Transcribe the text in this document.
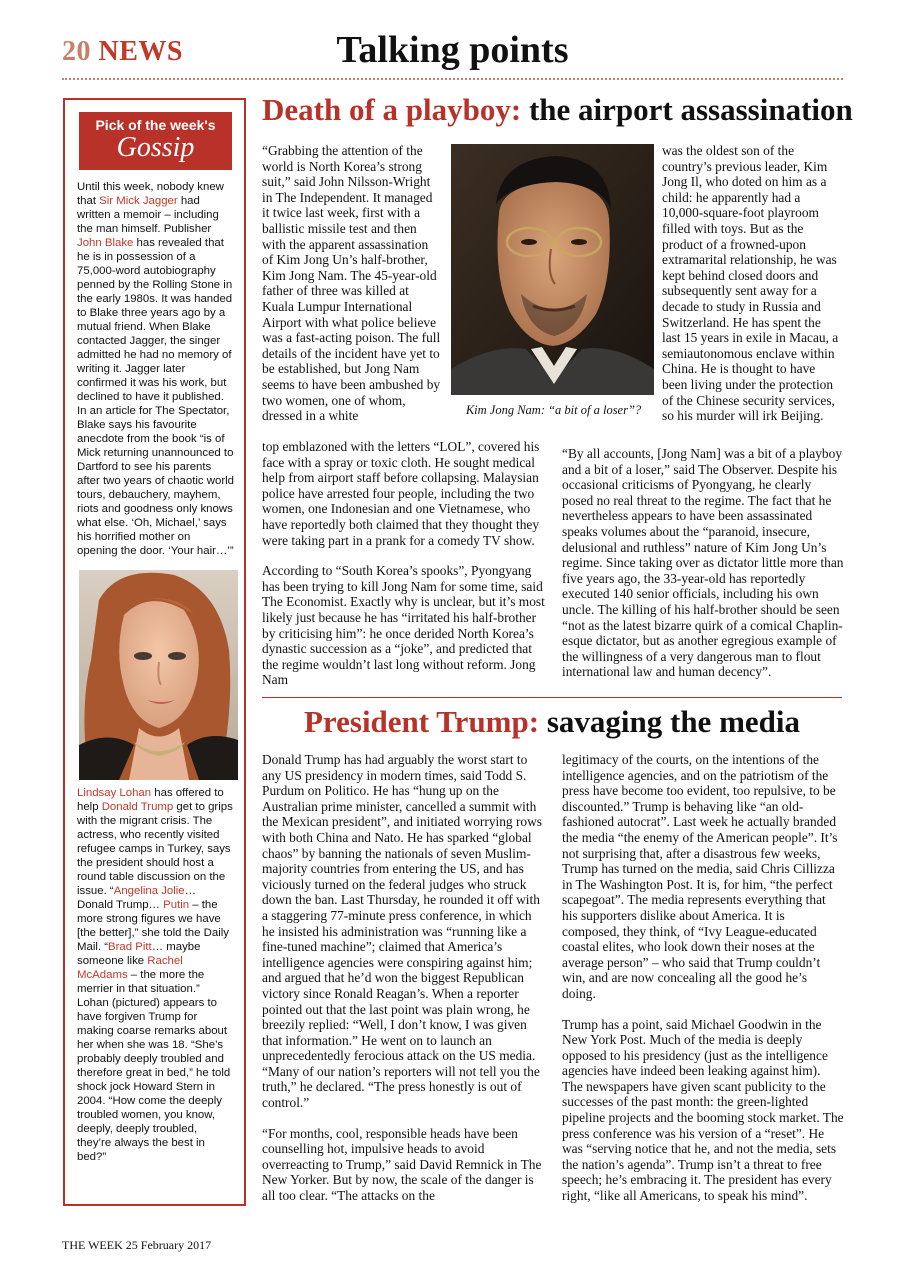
20 NEWS	Talking points
Pick of the week's
Gossip
Until this week, nobody knew that Sir Mick Jagger had written a memoir – including the man himself. Publisher John Blake has revealed that he is in possession of a 75,000-word autobiography penned by the Rolling Stone in the early 1980s. It was handed to Blake three years ago by a mutual friend. When Blake contacted Jagger, the singer admitted he had no memory of writing it. Jagger later confirmed it was his work, but declined to have it published. In an article for The Spectator, Blake says his favourite anecdote from the book “is of Mick returning unannounced to Dartford to see his parents after two years of chaotic world tours, debauchery, mayhem, riots and goodness only knows what else. ‘Oh, Michael,’ says his horrified mother on opening the door. ‘Your hair…’”
Lindsay Lohan has offered to help Donald Trump get to grips with the migrant crisis. The actress, who recently visited refugee camps in Turkey, says the president should host a round table discussion on the issue. “Angelina Jolie… Donald Trump… Putin – the more strong figures we have [the better],” she told the Daily Mail. “Brad Pitt… maybe someone like Rachel McAdams – the more the merrier in that situation.” Lohan (pictured) appears to have forgiven Trump for making coarse remarks about her when she was 18. “She’s probably deeply troubled and therefore great in bed,” he told shock jock Howard Stern in 2004. “How come the deeply troubled women, you know, deeply, deeply troubled, they’re always the best in bed?”
Death of a playboy: the airport assassination
“Grabbing the attention of the world is North Korea’s strong suit,” said John Nilsson-Wright in The Independent. It managed it twice last week, first with a ballistic missile test and then with the apparent assassination of Kim Jong Un’s half-brother, Kim Jong Nam. The 45-year-old father of three was killed at Kuala Lumpur International Airport with what police believe was a fast-acting poison. The full details of the incident have yet to be established, but Jong Nam seems to have been ambushed by two women, one of whom, dressed in a white	Kim Jong Nam: “a bit of a loser”?

top emblazoned with the letters “LOL”, covered his face with a spray or toxic cloth. He sought medical help from airport staff before collapsing. Malaysian police have arrested four people, including the two women, one Indonesian and one Vietnamese, who have reportedly both claimed that they thought they were taking part in a prank for a comedy TV show.

According to “South Korea’s spooks”, Pyongyang has been trying to kill Jong Nam for some time, said The Economist. Exactly why is unclear, but it’s most likely just because he has “irritated his half-brother by criticising him”: he once derided North Korea’s dynastic succession as a “joke”, and predicted that the regime wouldn’t last long without reform. Jong Nam

was the oldest son of the country’s previous leader, Kim Jong Il, who doted on him as a child: he apparently had a 10,000-square-foot playroom filled with toys. But as the product of a frowned-upon extramarital relationship, he was kept behind closed doors and subsequently sent away for a decade to study in Russia and Switzerland. He has spent the last 15 years in exile in Macau, a semiautonomous enclave within China. He is thought to have been living under the protection of the Chinese security services, so his murder will irk Beijing.
“By all accounts, [Jong Nam] was a bit of a playboy and a bit of a loser,” said The Observer. Despite his occasional criticisms of Pyongyang, he clearly posed no real threat to the regime. The fact that he nevertheless appears to have been assassinated speaks volumes about the “paranoid, insecure, delusional and ruthless” nature of Kim Jong Un’s regime. Since taking over as dictator little more than five years ago, the 33-year-old has reportedly executed 140 senior officials, including his own uncle. The killing of his half-brother should be seen “not as the latest bizarre quirk of a comical Chaplin-esque dictator, but as another egregious example of the willingness of a very dangerous man to flout international law and human decency”.
President Trump: savaging the media

Donald Trump has had arguably the worst start to any US presidency in modern times, said Todd S. Purdum on Politico. He has “hung up on the Australian prime minister, cancelled a summit with the Mexican president”, and initiated worrying rows with both China and Nato. He has sparked “global chaos” by banning the nationals of seven Muslim-majority countries from entering the US, and has viciously turned on the federal judges who struck down the ban. Last Thursday, he rounded it off with a staggering 77-minute press conference, in which he insisted his administration was “running like a fine-tuned machine”; claimed that America’s intelligence agencies were conspiring against him; and argued that he’d won the biggest Republican victory since Ronald Reagan’s. When a reporter pointed out that the last point was plain wrong, he breezily replied: “Well, I don’t know, I was given that information.” He went on to launch an unprecedentedly ferocious attack on the US media. “Many of our nation’s reporters will not tell you the truth,” he declared. “The press honestly is out of control.”

“For months, cool, responsible heads have been counselling hot, impulsive heads to avoid overreacting to Trump,” said David Remnick in The New Yorker. But by now, the scale of the danger is all too clear. “The attacks on the

legitimacy of the courts, on the intentions of the intelligence agencies, and on the patriotism of the press have become too evident, too repulsive, to be discounted.” Trump is behaving like “an old-fashioned autocrat”. Last week he actually branded the media “the enemy of the American people”. It’s not surprising that, after a disastrous few weeks, Trump has turned on the media, said Chris Cillizza in The Washington Post. It is, for him, “the perfect scapegoat”. The media represents everything that his supporters dislike about America. It is composed, they think, of “Ivy League-educated coastal elites, who look down their noses at the average person” – who said that Trump couldn’t win, and are now concealing all the good he’s doing.

Trump has a point, said Michael Goodwin in the New York Post. Much of the media is deeply opposed to his presidency (just as the intelligence agencies have indeed been leaking against him). The newspapers have given scant publicity to the successes of the past month: the green-lighted pipeline projects and the booming stock market. The press conference was his version of a “reset”. He was “serving notice that he, and not the media, sets the nation’s agenda”. Trump isn’t a threat to free speech; he’s embracing it. The president has every right, “like all Americans, to speak his mind”.

THE WEEK 25 February 2017
